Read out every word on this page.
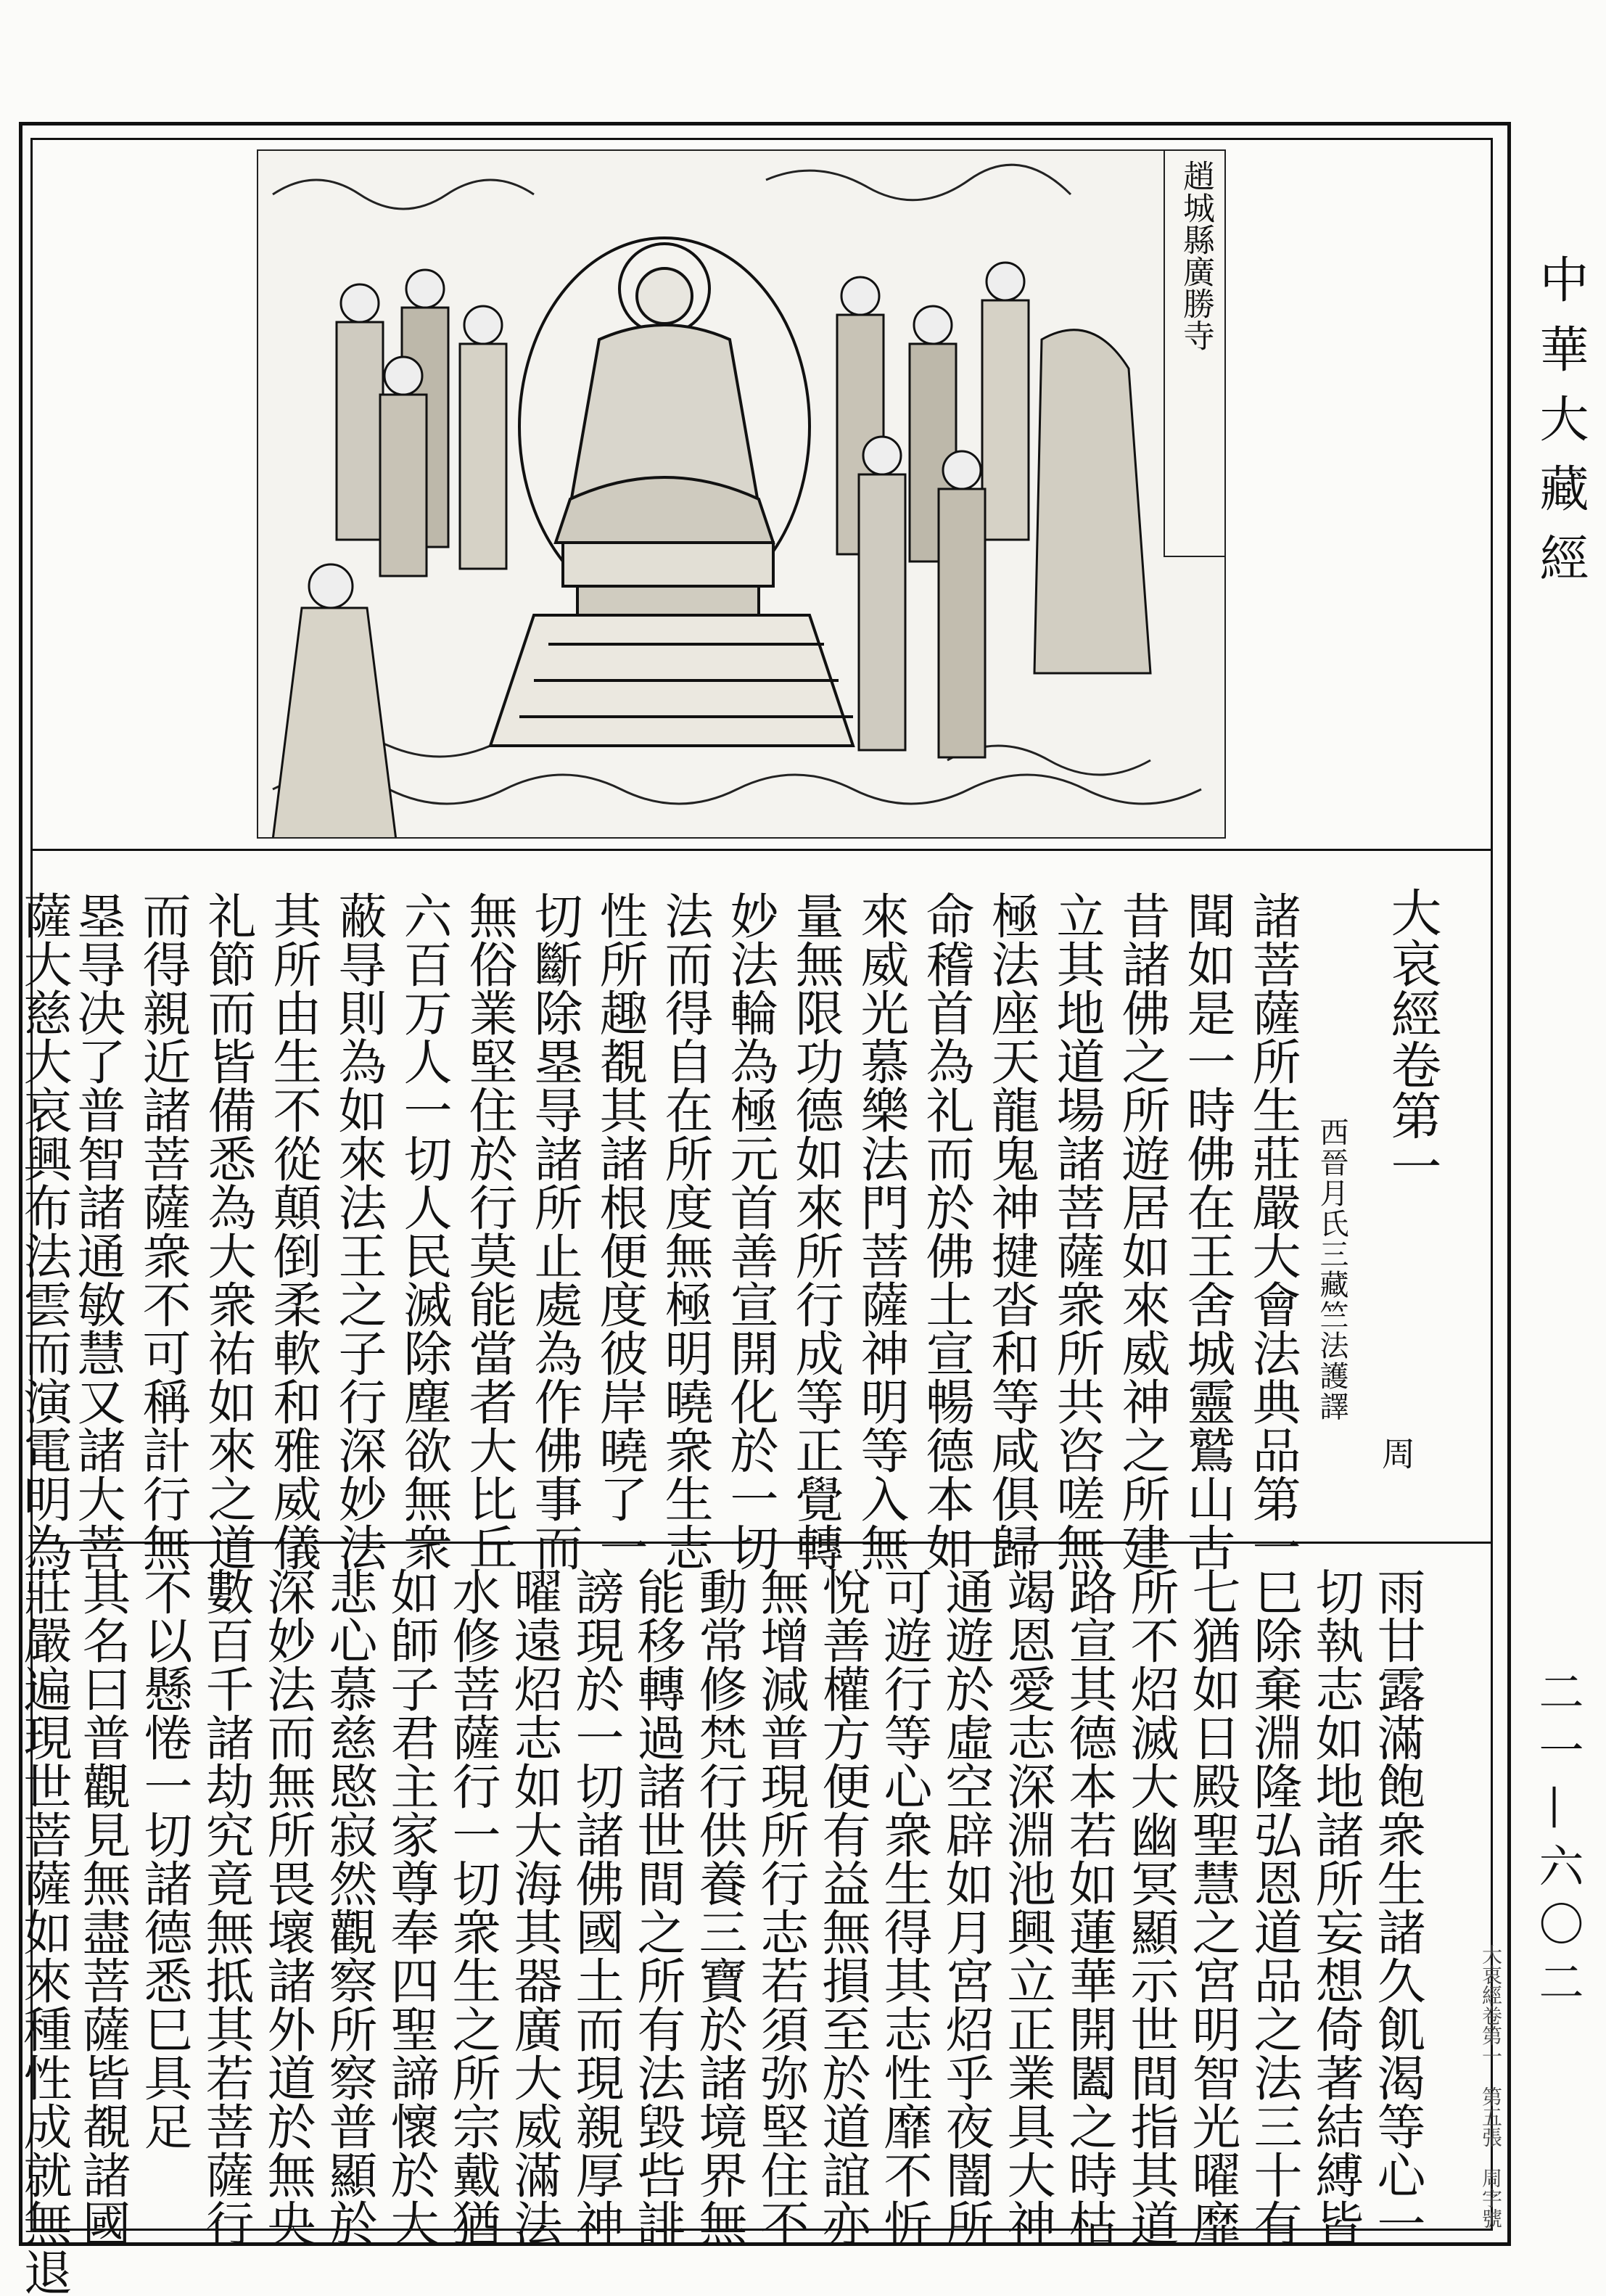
中華大藏經
二一—六〇二
趙城縣廣勝寺
大哀經卷第一
周
西晉月氏三藏竺法護譯
諸菩薩所生莊嚴大會法典品第一
聞如是一時佛在王舍城靈鷲山古
昔諸佛之所遊居如來威神之所建
立其地道場諸菩薩衆所共咨嗟無
極法座天龍鬼神揵沓和等咸俱歸
命稽首為礼而於佛土宣暢德本如
來威光慕樂法門菩薩神明等入無
量無限功德如來所行成等正覺轉
妙法輪為極元首善宣開化於一切
法而得自在所度無極明曉衆生志
性所趣覩其諸根便度彼岸曉了一
切斷除塁㝵諸所止處為作佛事而
無俗業堅住於行莫能當者大比丘
六百万人一切人民滅除塵欲無衆
蔽㝵則為如來法王之子行深妙法
其所由生不從顛倒柔軟和雅威儀
礼節而皆備悉為大衆祐如來之道
而得親近諸菩薩衆不可稱計行無
塁㝵决了普智諸通敏慧又諸大菩
薩大慈大哀興布法雲而演電明為
雨甘露滿飽衆生諸久飢渴等心一
切執志如地諸所妄想倚著結縛皆
巳除棄淵隆弘恩道品之法三十有
七猶如日殿聖慧之宮明智光曜靡
所不炤滅大幽冥顯示世間指其道
路宣其德本若如蓮華開闔之時枯
竭恩愛志深淵池興立正業具大神
通遊於虛空辟如月宮炤乎夜闇所
可遊行等心衆生得其志性靡不忻
悅善權方便有益無損至於道誼亦
無增減普現所行志若須弥堅住不
動常修梵行供養三寶於諸境界無
能移轉過諸世間之所有法毀呰誹
謗現於一切諸佛國土而現親厚神
曜遠炤志如大海其器廣大威滿法
水修菩薩行一切衆生之所宗戴猶
如師子君主家尊奉四聖諦懷於大
悲心慕慈愍寂然觀察所察普顯於
深妙法而無所畏壞諸外道於無央
數百千諸劫究竟無抵其若菩薩行
不以懸惓一切諸德悉巳具足
其名曰普觀見無盡菩薩皆覩諸國
莊嚴遍現世菩薩如來種性成就無退	大哀經卷第一　第五張　周字號
